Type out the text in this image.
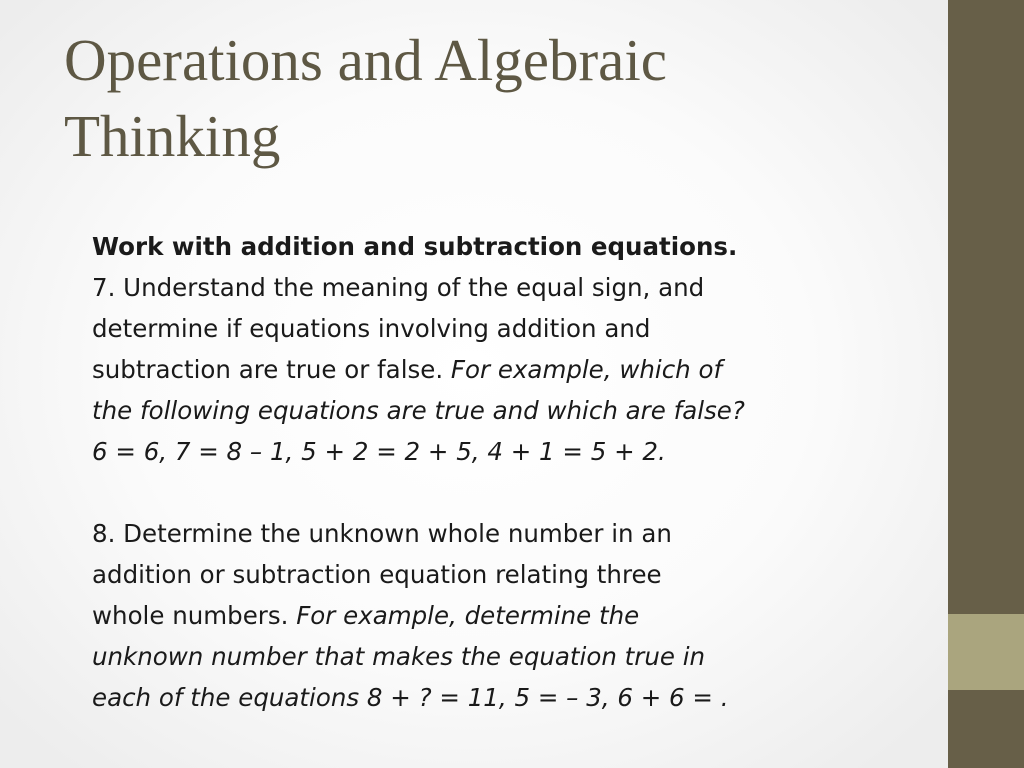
Operations and Algebraic
Thinking

Work with addition and subtraction equations.

7. Understand the meaning of the equal sign, and

determine if equations involving addition and

subtraction are true or false. For example, which of

the following equations are true and which are false?

6 = 6, 7 = 8 – 1, 5 + 2 = 2 + 5, 4 + 1 = 5 + 2.

8. Determine the unknown whole number in an

addition or subtraction equation relating three

whole numbers. For example, determine the

unknown number that makes the equation true in

each of the equations 8 + ? = 11, 5 = – 3, 6 + 6 = .
